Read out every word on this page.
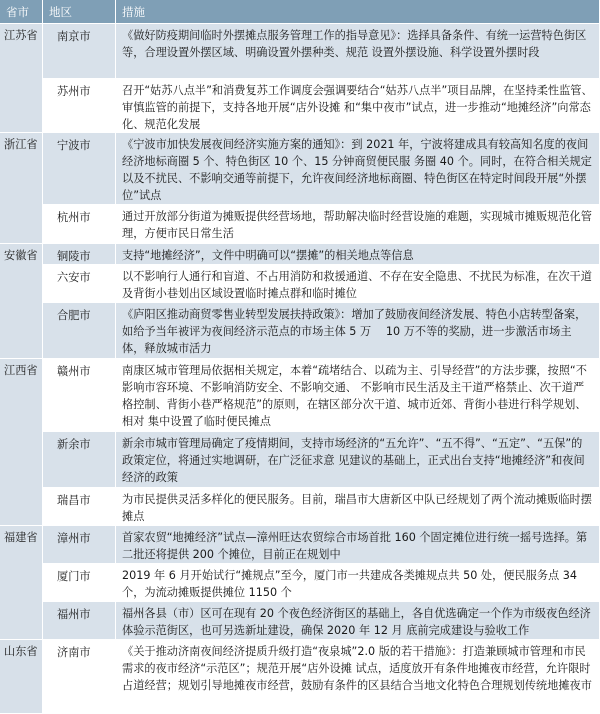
省市	地区	措施
江苏省	南京市	《做好防疫期间临时外摆摊点服务管理工作的指导意见》：选择具备条件、有统一运营特色街区等，合理设置外摆区域、明确设置外摆种类、规范 设置外摆设施、科学设置外摆时段
苏州市	召开“姑苏八点半”和消费复苏工作调度会强调要结合“姑苏八点半”项目品牌，在坚持柔性监管、审慎监管的前提下，支持各地开展“店外设摊 和“集中夜市”试点，进一步推动“地摊经济”向常态化、规范化发展
浙江省	宁波市	《宁波市加快发展夜间经济实施方案的通知》：到 2021 年，宁波将建成具有较高知名度的夜间经济地标商圈 5 个、特色街区 10 个、15 分钟商贸便民服 务圈 40 个。同时，在符合相关规定以及不扰民、不影响交通等前提下，允许夜间经济地标商圈、特色街区在特定时间段开展“外摆位”试点
杭州市	通过开放部分街道为摊贩提供经营场地，帮助解决临时经营设施的难题，实现城市摊贩规范化管理，方便市民日常生活
安徽省	铜陵市	支持“地摊经济”，文件中明确可以“摆摊”的相关地点等信息
六安市	以不影响行人通行和盲道、不占用消防和救援通道、不存在安全隐患、不扰民为标准，在次干道及背街小巷划出区域设置临时摊点群和临时摊位
合肥市	《庐阳区推动商贸零售业转型发展扶持政策》：增加了鼓励夜间经济发展、特色小店转型备案，如给予当年被评为夜间经济示范点的市场主体 5 万 　10 万不等的奖励，进一步激活市场主体，释放城市活力
江西省	赣州市	南康区城市管理局依据相关规定，本着“疏堵结合、以疏为主、引导经营”的方法步骤，按照“不影响市容环境、不影响消防安全、不影响交通、 不影响市民生活及主干道严格禁止、次干道严格控制、背街小巷严格规范”的原则，在辖区部分次干道、城市近郊、背街小巷进行科学规划、相对 集中设置了临时便民摊点
新余市	新余市城市管理局确定了疫情期间，支持市场经济的“五允许”、“五不得”、“五定”、“五保”的政策定位，将通过实地调研，在广泛征求意 见建议的基础上，正式出台支持“地摊经济”和夜间经济的政策
瑞昌市	为市民提供灵活多样化的便民服务。目前，瑞昌市大唐新区中队已经规划了两个流动摊贩临时摆摊点
福建省	漳州市	首家农贸“地摊经济”试点—漳州旺达农贸综合市场首批 160 个固定摊位进行统一摇号选择。第二批还将提供 200 个摊位，目前正在规划中
厦门市	2019 年 6 月开始试行“摊规点”至今，厦门市一共建成各类摊规点共 50 处，便民服务点 34 个，为流动摊贩提供摊位 1150 个
福州市	福州各县（市）区可在现有 20 个夜色经济街区的基础上，各自优选确定一个作为市级夜色经济体验示范街区，也可另选新址建设，确保 2020 年 12 月 底前完成建设与验收工作
山东省	济南市	《关于推动济南夜间经济提质升级打造“夜泉城”2.0 版的若干措施》：打造兼顾城市管理和市民需求的夜市经济“示范区”；规范开展“店外设摊 试点，适度放开有条件地摊夜市经营，允许限时占道经营；规划引导地摊夜市经营，鼓励有条件的区县结合当地文化特色合理规划传统地摊夜市
